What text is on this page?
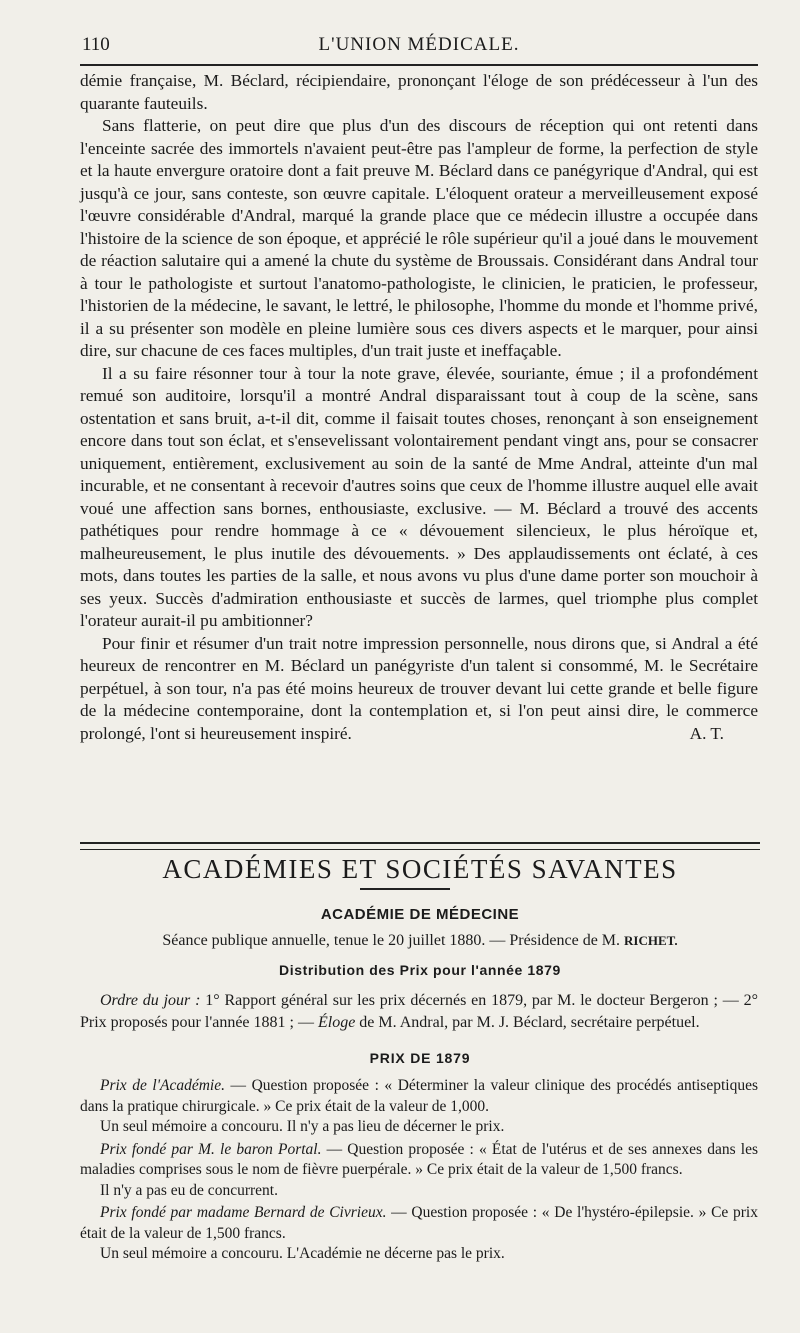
110	L'UNION MÉDICALE.

démie française, M. Béclard, récipiendaire, prononçant l'éloge de son prédécesseur à l'un des quarante fauteuils.

Sans flatterie, on peut dire que plus d'un des discours de réception qui ont retenti dans l'enceinte sacrée des immortels n'avaient peut-être pas l'ampleur de forme, la perfection de style et la haute envergure oratoire dont a fait preuve M. Béclard dans ce panégyrique d'Andral, qui est jusqu'à ce jour, sans conteste, son œuvre capitale. L'éloquent orateur a merveilleusement exposé l'œuvre considérable d'Andral, marqué la grande place que ce médecin illustre a occupée dans l'histoire de la science de son époque, et apprécié le rôle supérieur qu'il a joué dans le mouvement de réaction salutaire qui a amené la chute du système de Broussais. Considérant dans Andral tour à tour le pathologiste et surtout l'anatomo-pathologiste, le clinicien, le praticien, le professeur, l'historien de la médecine, le savant, le lettré, le philosophe, l'homme du monde et l'homme privé, il a su présenter son modèle en pleine lumière sous ces divers aspects et le marquer, pour ainsi dire, sur chacune de ces faces multiples, d'un trait juste et ineffaçable.

Il a su faire résonner tour à tour la note grave, élevée, souriante, émue ; il a profondément remué son auditoire, lorsqu'il a montré Andral disparaissant tout à coup de la scène, sans ostentation et sans bruit, a-t-il dit, comme il faisait toutes choses, renonçant à son enseignement encore dans tout son éclat, et s'ensevelissant volontairement pendant vingt ans, pour se consacrer uniquement, entièrement, exclusivement au soin de la santé de Mme Andral, atteinte d'un mal incurable, et ne consentant à recevoir d'autres soins que ceux de l'homme illustre auquel elle avait voué une affection sans bornes, enthousiaste, exclusive. — M. Béclard a trouvé des accents pathétiques pour rendre hommage à ce « dévouement silencieux, le plus héroïque et, malheureusement, le plus inutile des dévouements. » Des applaudissements ont éclaté, à ces mots, dans toutes les parties de la salle, et nous avons vu plus d'une dame porter son mouchoir à ses yeux. Succès d'admiration enthousiaste et succès de larmes, quel triomphe plus complet l'orateur aurait-il pu ambitionner?

Pour finir et résumer d'un trait notre impression personnelle, nous dirons que, si Andral a été heureux de rencontrer en M. Béclard un panégyriste d'un talent si consommé, M. le Secrétaire perpétuel, à son tour, n'a pas été moins heureux de trouver devant lui cette grande et belle figure de la médecine contemporaine, dont la contemplation et, si l'on peut ainsi dire, le commerce prolongé, l'ont si heureusement inspiré.	A. T.

ACADÉMIES ET SOCIÉTÉS SAVANTES
ACADÉMIE DE MÉDECINE
Séance publique annuelle, tenue le 20 juillet 1880. — Présidence de M. RICHET.
Distribution des Prix pour l'année 1879
Ordre du jour : 1° Rapport général sur les prix décernés en 1879, par M. le docteur Bergeron ; — 2° Prix proposés pour l'année 1881 ; — Éloge de M. Andral, par M. J. Béclard, secrétaire perpétuel.
PRIX DE 1879

Prix de l'Académie. — Question proposée : « Déterminer la valeur clinique des procédés antiseptiques dans la pratique chirurgicale. » Ce prix était de la valeur de 1,000.

Un seul mémoire a concouru. Il n'y a pas lieu de décerner le prix.

Prix fondé par M. le baron Portal. — Question proposée : « État de l'utérus et de ses annexes dans les maladies comprises sous le nom de fièvre puerpérale. » Ce prix était de la valeur de 1,500 francs.

Il n'y a pas eu de concurrent.

Prix fondé par madame Bernard de Civrieux. — Question proposée : « De l'hystéro-épilepsie. » Ce prix était de la valeur de 1,500 francs.

Un seul mémoire a concouru. L'Académie ne décerne pas le prix.
